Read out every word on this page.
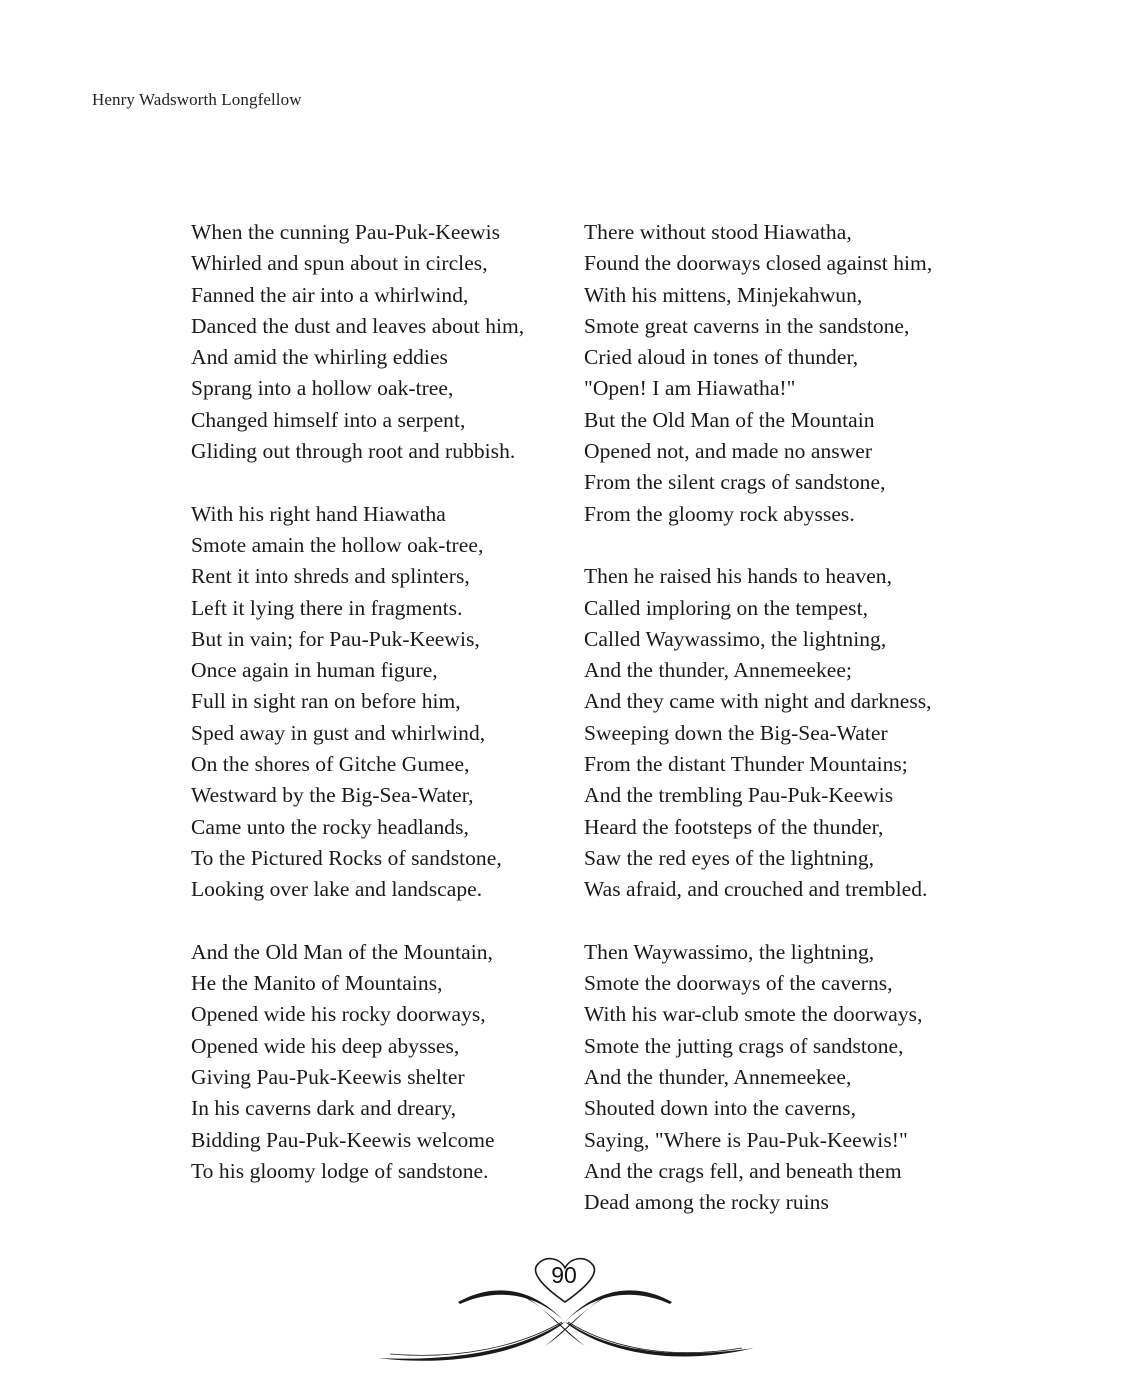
Henry Wadsworth Longfellow
When the cunning Pau-Puk-Keewis
Whirled and spun about in circles,
Fanned the air into a whirlwind,
Danced the dust and leaves about him,
And amid the whirling eddies
Sprang into a hollow oak-tree,
Changed himself into a serpent,
Gliding out through root and rubbish.
With his right hand Hiawatha
Smote amain the hollow oak-tree,
Rent it into shreds and splinters,
Left it lying there in fragments.
But in vain; for Pau-Puk-Keewis,
Once again in human figure,
Full in sight ran on before him,
Sped away in gust and whirlwind,
On the shores of Gitche Gumee,
Westward by the Big-Sea-Water,
Came unto the rocky headlands,
To the Pictured Rocks of sandstone,
Looking over lake and landscape.
And the Old Man of the Mountain,
He the Manito of Mountains,
Opened wide his rocky doorways,
Opened wide his deep abysses,
Giving Pau-Puk-Keewis shelter
In his caverns dark and dreary,
Bidding Pau-Puk-Keewis welcome
To his gloomy lodge of sandstone.
There without stood Hiawatha,
Found the doorways closed against him,
With his mittens, Minjekahwun,
Smote great caverns in the sandstone,
Cried aloud in tones of thunder,
"Open! I am Hiawatha!"
But the Old Man of the Mountain
Opened not, and made no answer
From the silent crags of sandstone,
From the gloomy rock abysses.
Then he raised his hands to heaven,
Called imploring on the tempest,
Called Waywassimo, the lightning,
And the thunder, Annemeekee;
And they came with night and darkness,
Sweeping down the Big-Sea-Water
From the distant Thunder Mountains;
And the trembling Pau-Puk-Keewis
Heard the footsteps of the thunder,
Saw the red eyes of the lightning,
Was afraid, and crouched and trembled.
Then Waywassimo, the lightning,
Smote the doorways of the caverns,
With his war-club smote the doorways,
Smote the jutting crags of sandstone,
And the thunder, Annemeekee,
Shouted down into the caverns,
Saying, "Where is Pau-Puk-Keewis!"
And the crags fell, and beneath them
Dead among the rocky ruins
90
